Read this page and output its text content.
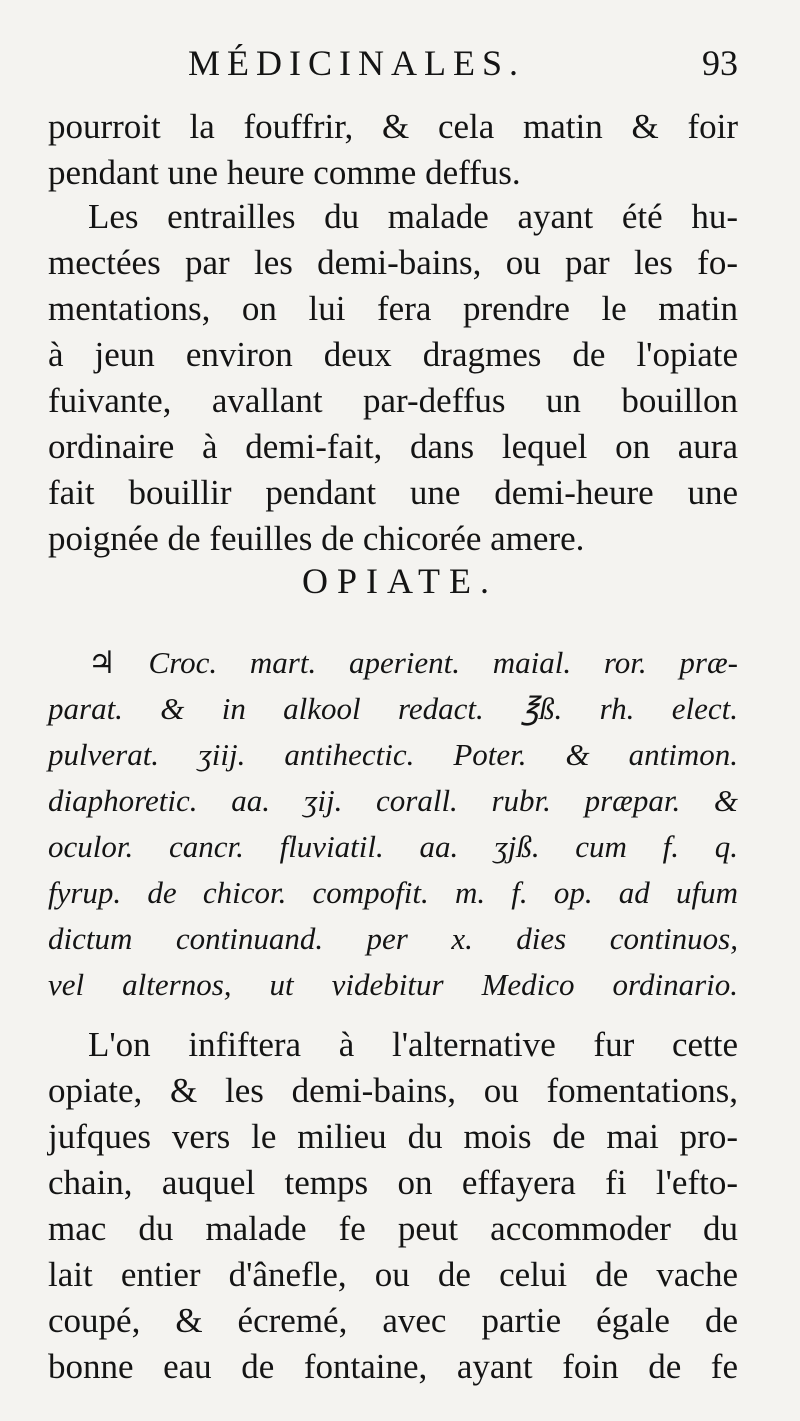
MÉDICINALES.	93
pourroit la fouffrir, & cela matin & foir
pendant une heure comme deffus.
Les entrailles du malade ayant été hu-
mectées par les demi-bains, ou par les fo-
mentations, on lui fera prendre le matin
à jeun environ deux dragmes de l'opiate
fuivante, avallant par-deffus un bouillon
ordinaire à demi-fait, dans lequel on aura
fait bouillir pendant une demi-heure une
poignée de feuilles de chicorée amere.
OPIATE.
♃ Croc. mart. aperient. maial. ror. præ-
parat. & in alkool redact. ℥ß. rh. elect.
pulverat. ʒiij. antihectic. Poter. & antimon.
diaphoretic. aa. ʒij. corall. rubr. præpar. &
oculor. cancr. fluviatil. aa. ʒjß. cum f. q.
fyrup. de chicor. compofit. m. f. op. ad ufum
dictum continuand. per x. dies continuos,
vel alternos, ut videbitur Medico ordinario.
L'on infiftera à l'alternative fur cette
opiate, & les demi-bains, ou fomentations,
jufques vers le milieu du mois de mai pro-
chain, auquel temps on effayera fi l'efto-
mac du malade fe peut accommoder du
lait entier d'ânefle, ou de celui de vache
coupé, & écremé, avec partie égale de
bonne eau de fontaine, ayant foin de fe
